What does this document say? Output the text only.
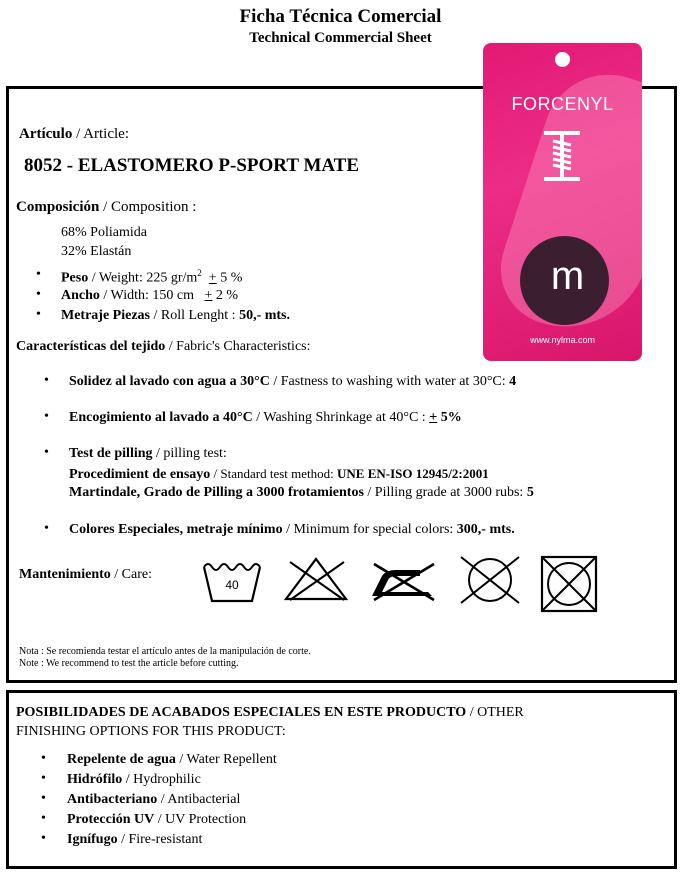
Ficha Técnica Comercial
Technical Commercial Sheet
FORCENYL
m
www.nylma.com
Artículo / Article:
8052 - ELASTOMERO P-SPORT MATE
Composición / Composition :
68% Poliamida
32% Elastán
• Peso / Weight: 225 $gr/m^2 + 5$ %
• Ancho / Width: 150 cm + 2 %
• Metraje Piezas / Roll Lenght : 50,- mts.
Características del tejido / Fabric's Characteristics:
• Solidez al lavado con agua a 30°C / Fastness to washing with water at 30°C: 4
• Encogimiento al lavado a 40°C / Washing Shrinkage at 40°C : + 5%
• Test de pilling / pilling test:
Procedimient de ensayo / Standard test method: UNE EN-ISO 12945/2:2001
Martindale, Grado de Pilling a 3000 frotamientos / Pilling grade at 3000 rubs: 5
• Colores Especiales, metraje mínimo / Minimum for special colors: 300,- mts.
Mantenimiento / Care:
40
Nota : Se recomienda testar el artículo antes de la manipulación de corte.
Note : We recommend to test the article before cutting.
POSIBILIDADES DE ACABADOS ESPECIALES EN ESTE PRODUCTO / OTHER
FINISHING OPTIONS FOR THIS PRODUCT:
• Repelente de agua / Water Repellent
• Hidrófilo / Hydrophilic
• Antibacteriano / Antibacterial
• Protección UV / UV Protection
• Ignífugo / Fire-resistant
